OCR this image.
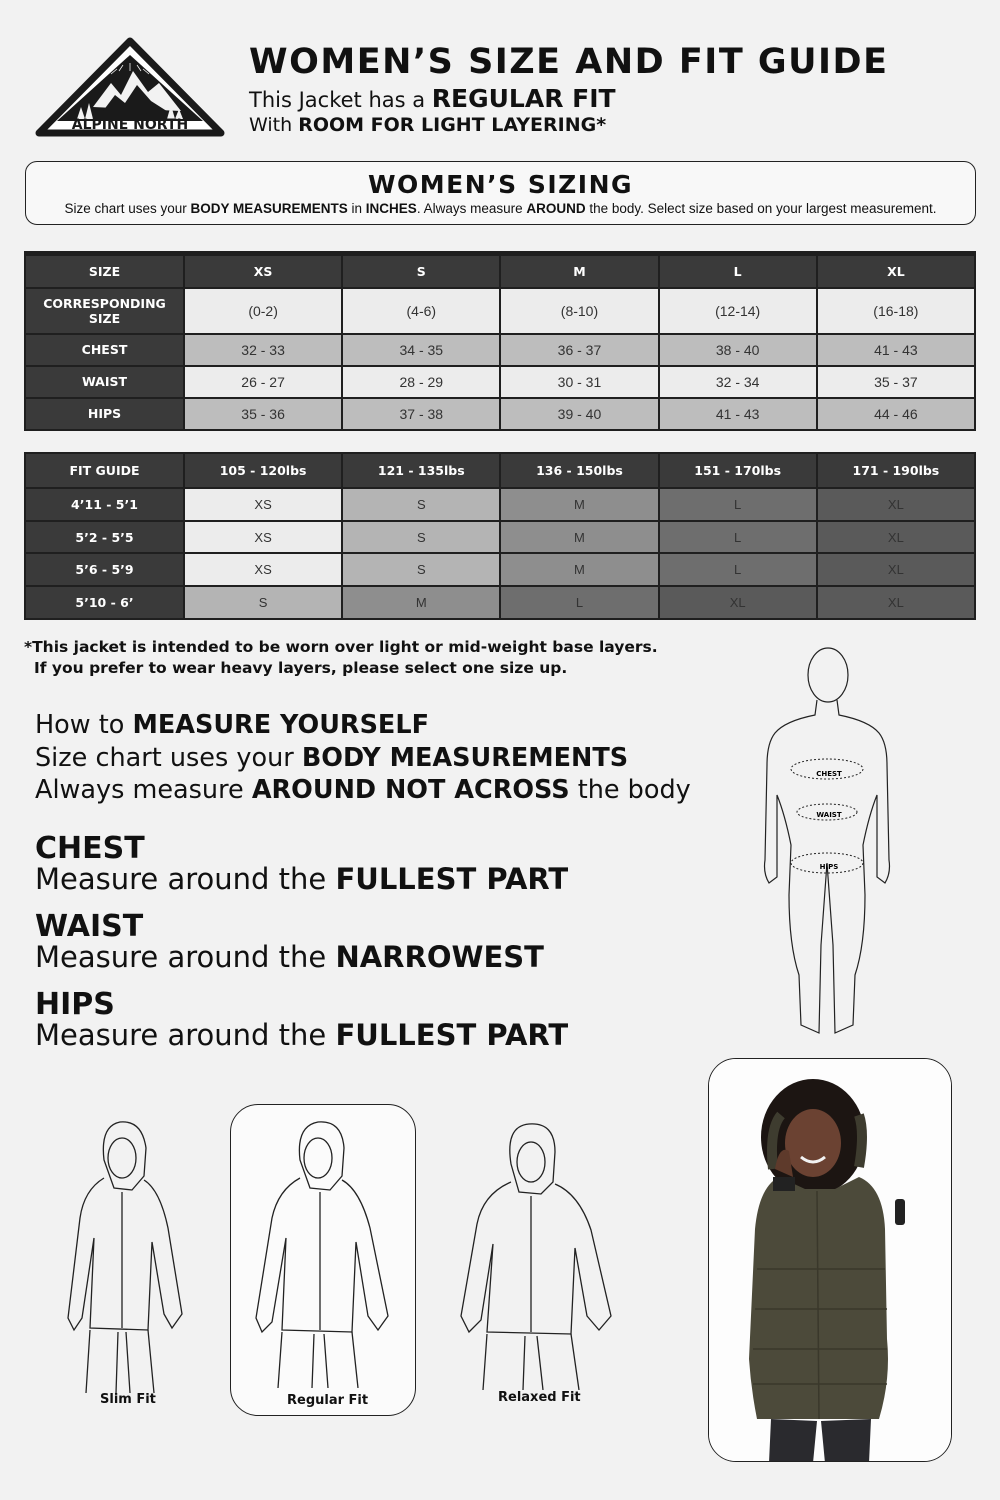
ALPINE NORTH
WOMEN’S SIZE AND FIT GUIDE
This Jacket has a REGULAR FIT
With ROOM FOR LIGHT LAYERING*
WOMEN’S SIZING
Size chart uses your BODY MEASUREMENTS in INCHES. Always measure AROUND the body. Select size based on your largest measurement.
SIZE	XS	S	M	L	XL
CORRESPONDING SIZE	(0-2)	(4-6)	(8-10)	(12-14)	(16-18)
CHEST	32 - 33	34 - 35	36 - 37	38 - 40	41 - 43
WAIST	26 - 27	28 - 29	30 - 31	32 - 34	35 - 37
HIPS	35 - 36	37 - 38	39 - 40	41 - 43	44 - 46
FIT GUIDE	105 - 120lbs	121 - 135lbs	136 - 150lbs	151 - 170lbs	171 - 190lbs
4’11 - 5’1	XS	S	M	L	XL
5’2 - 5’5	XS	S	M	L	XL
5’6 - 5’9	XS	S	M	L	XL
5’10 - 6’	S	M	L	XL	XL
*This jacket is intended to be worn over light or mid-weight base layers.
If you prefer to wear heavy layers, please select one size up.
How to MEASURE YOURSELF
Size chart uses your BODY MEASUREMENTS
Always measure AROUND NOT ACROSS the body
CHEST
Measure around the FULLEST PART
WAIST
Measure around the NARROWEST
HIPS
Measure around the FULLEST PART
CHEST
WAIST
HIPS
Slim Fit	Regular Fit	Relaxed Fit
